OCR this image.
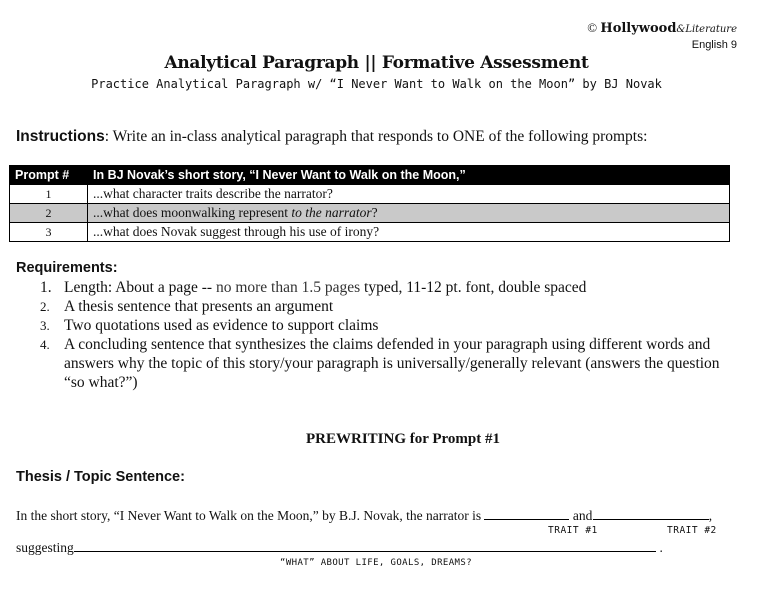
© Hollywood&Literature
English 9
Analytical Paragraph || Formative Assessment
Practice Analytical Paragraph w/ “I Never Want to Walk on the Moon” by BJ Novak
Instructions: Write an in-class analytical paragraph that responds to ONE of the following prompts:
Prompt #	In BJ Novak’s short story, “I Never Want to Walk on the Moon,”
1	...what character traits describe the narrator?
2	...what does moonwalking represent to the narrator?
3	...what does Novak suggest through his use of irony?
Requirements:
1. Length: About a page -- no more than 1.5 pages typed, 11-12 pt. font, double spaced
2. A thesis sentence that presents an argument
3. Two quotations used as evidence to support claims
4. A concluding sentence that synthesizes the claims defended in your paragraph using different words and answers why the topic of this story/your paragraph is universally/generally relevant (answers the question “so what?”)
PREWRITING for Prompt #1
Thesis / Topic Sentence:
In the short story, “I Never Want to Walk on the Moon,” by B.J. Novak, the narrator is	and	,
TRAIT #1	TRAIT #2
suggesting	.
“WHAT” ABOUT LIFE, GOALS, DREAMS?
